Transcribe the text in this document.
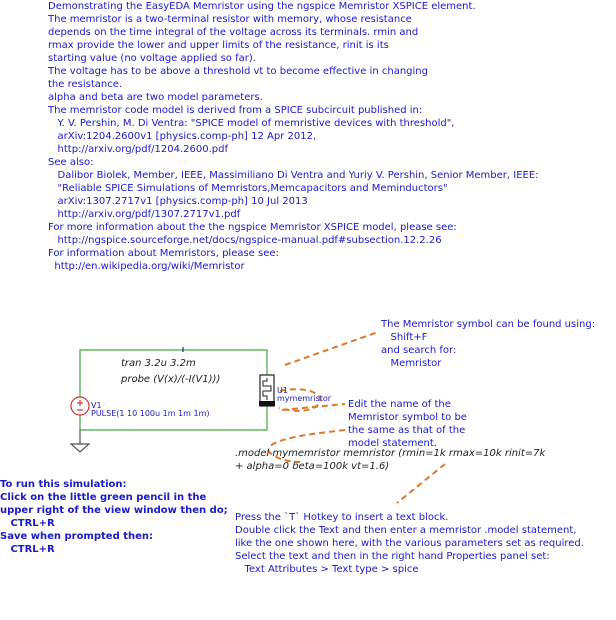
Demonstrating the EasyEDA Memristor using the ngspice Memristor XSPICE element.
The memristor is a two-terminal resistor with memory, whose resistance
depends on the time integral of the voltage across its terminals. rmin and
rmax provide the lower and upper limits of the resistance, rinit is its
starting value (no voltage applied so far).
The voltage has to be above a threshold vt to become effective in changing
the resistance.
alpha and beta are two model parameters.
The memristor code model is derived from a SPICE subcircuit published in:
Y. V. Pershin, M. Di Ventra: "SPICE model of memristive devices with threshold",
arXiv:1204.2600v1 [physics.comp-ph] 12 Apr 2012,
http://arxiv.org/pdf/1204.2600.pdf
See also:
Dalibor Biolek, Member, IEEE, Massimiliano Di Ventra and Yuriy V. Pershin, Senior Member, IEEE:
"Reliable SPICE Simulations of Memristors,Memcapacitors and Meminductors"
arXiv:1307.2717v1 [physics.comp-ph] 10 Jul 2013
http://arxiv.org/pdf/1307.2717v1.pdf
For more information about the the ngspice Memristor XSPICE model, please see:
http://ngspice.sourceforge.net/docs/ngspice-manual.pdf#subsection.12.2.26
For information about Memristors, please see:
http://en.wikipedia.org/wiki/Memristor
tran 3.2u 3.2m
probe (V(x)/(-I(V1)))
V1
PULSE(1 10 100u 1m 1m 1m)
U1
mymemristor
.model mymemristor memristor (rmin=1k rmax=10k rinit=7k
+ alpha=0 beta=100k vt=1.6)
The Memristor symbol can be found using:
Shift+F
and search for:
Memristor
Edit the name of the
Memristor symbol to be
the same as that of the
model statement.
To run this simulation:
Click on the little green pencil in the
upper right of the view window then do;
CTRL+R
Save when prompted then:
CTRL+R
Press the `T` Hotkey to insert a text block.
Double click the Text and then enter a memristor .model statement,
like the one shown here, with the various parameters set as required.
Select the text and then in the right hand Properties panel set:
Text Attributes > Text type > spice
